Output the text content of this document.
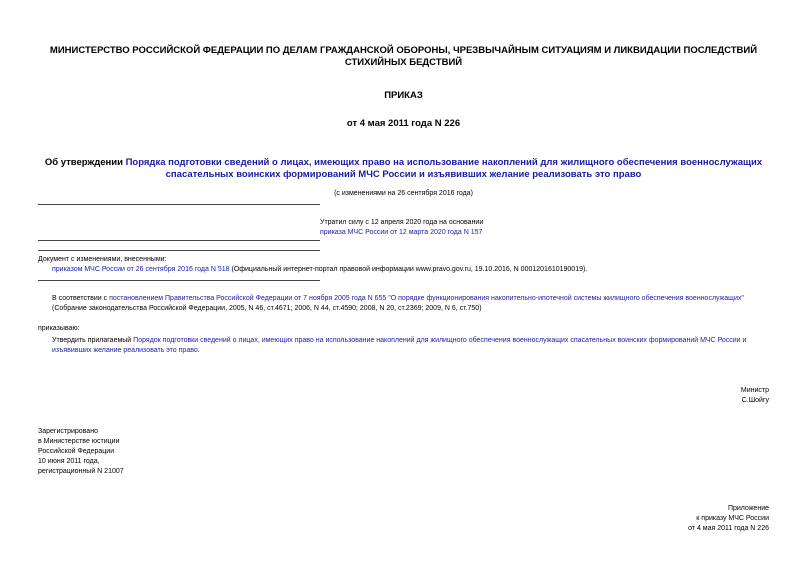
МИНИСТЕРСТВО РОССИЙСКОЙ ФЕДЕРАЦИИ ПО ДЕЛАМ ГРАЖДАНСКОЙ ОБОРОНЫ, ЧРЕЗВЫЧАЙНЫМ СИТУАЦИЯМ И ЛИКВИДАЦИИ ПОСЛЕДСТВИЙ СТИХИЙНЫХ БЕДСТВИЙ
ПРИКАЗ
от 4 мая 2011 года N 226
Об утверждении Порядка подготовки сведений о лицах, имеющих право на использование накоплений для жилищного обеспечения военнослужащих спасательных воинских формирований МЧС России и изъявивших желание реализовать это право
(с изменениями на 26 сентября 2016 года)
Утратил силу с 12 апреля 2020 года на основании
приказа МЧС России от 12 марта 2020 года N 157
Документ с изменениями, внесенными:
приказом МЧС России от 26 сентября 2016 года N 518 (Официальный интернет-портал правовой информации www.pravo.gov.ru, 19.10.2016, N 0001201610190019).
В соответствии с постановлением Правительства Российской Федерации от 7 ноября 2005 года N 655 "О порядке функционирования накопительно-ипотечной системы жилищного обеспечения военнослужащих" (Собрание законодательства Российской Федерации, 2005, N 46, ст.4671; 2006, N 44, ст.4590; 2008, N 20, ст.2369; 2009, N 6, ст.750)
приказываю:
Утвердить прилагаемый Порядок подготовки сведений о лицах, имеющих право на использование накоплений для жилищного обеспечения военнослужащих спасательных воинских формирований МЧС России и изъявивших желание реализовать это право.
Министр
С.Шойгу
Зарегистрировано
в Министерстве юстиции
Российской Федерации
10 июня 2011 года,
регистрационный N 21007
Приложение
к приказу МЧС России
от 4 мая 2011 года N 226
